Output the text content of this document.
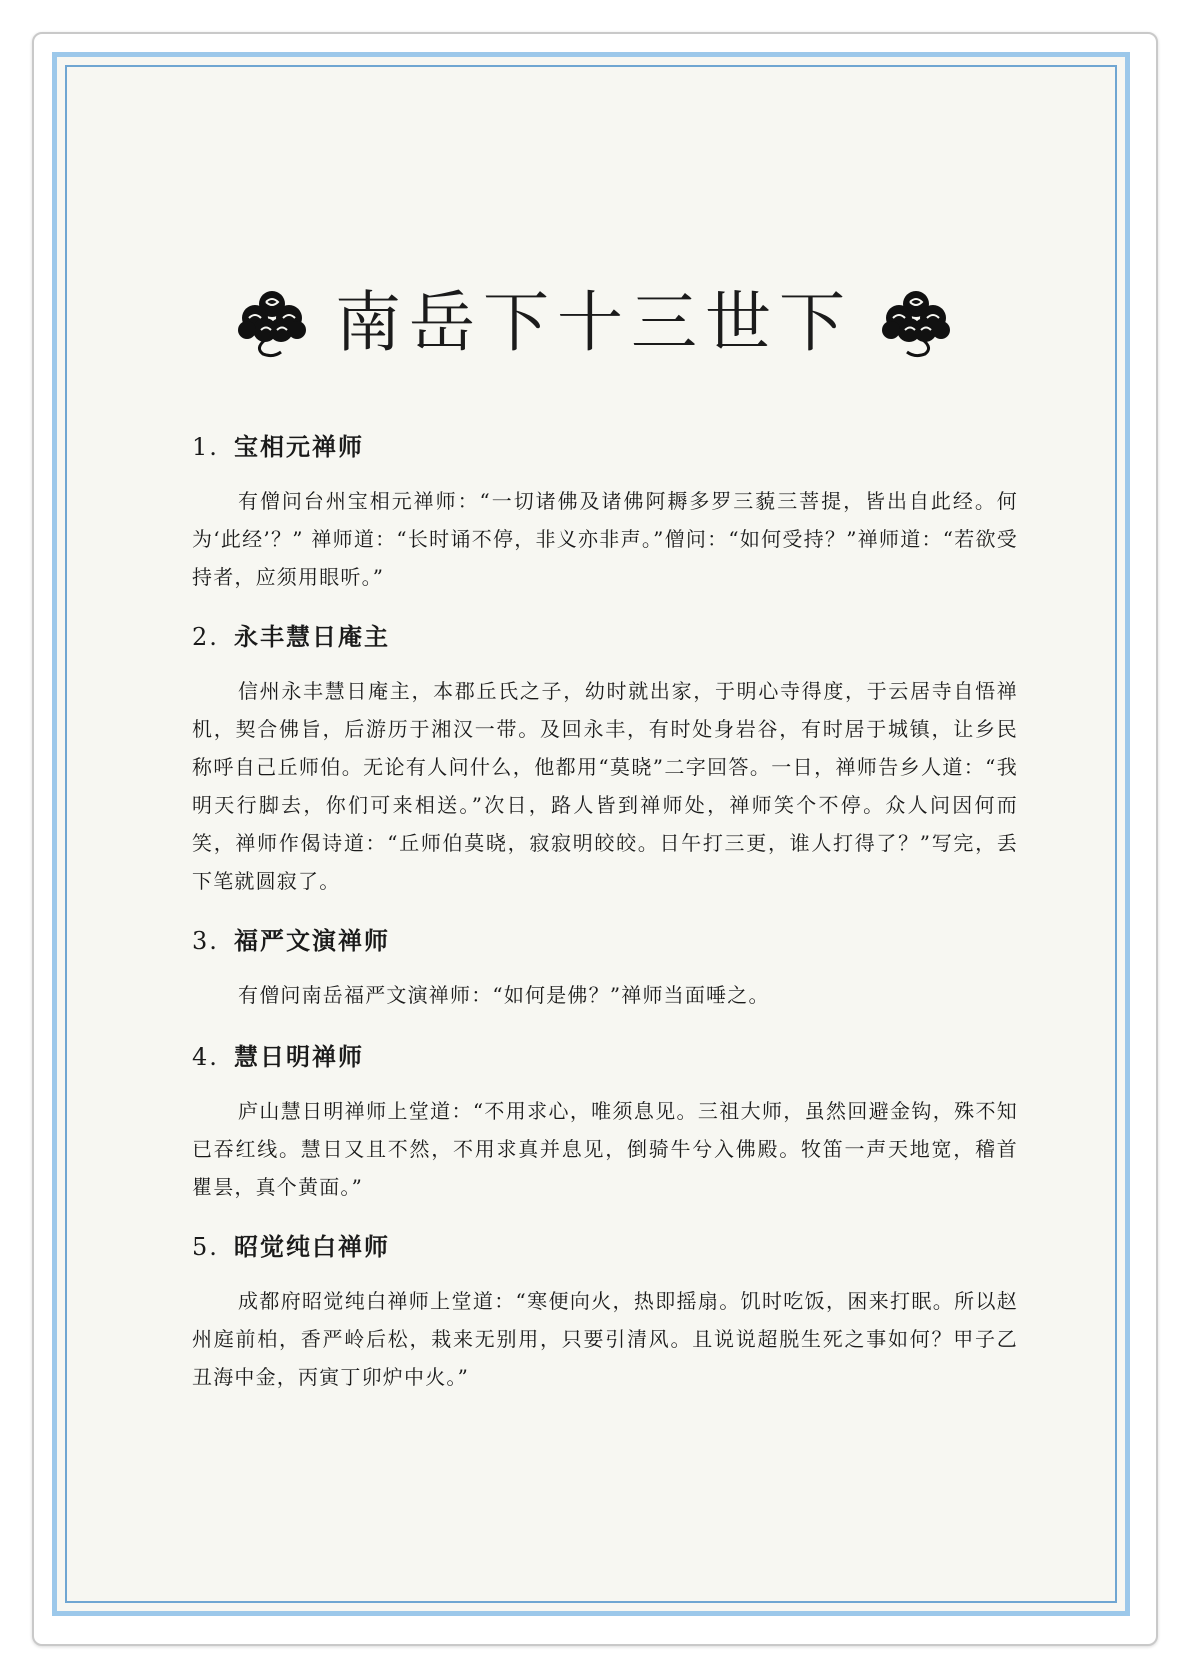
南岳下十三世下
1. 宝相元禅师

有僧问台州宝相元禅师：“一切诸佛及诸佛阿耨多罗三藐三菩提，皆出自此经。何为‘此经’？” 禅师道：“长时诵不停，非义亦非声。”僧问：“如何受持？”禅师道：“若欲受持者，应须用眼听。”

2. 永丰慧日庵主

信州永丰慧日庵主，本郡丘氏之子，幼时就出家，于明心寺得度，于云居寺自悟禅机，契合佛旨，后游历于湘汉一带。及回永丰，有时处身岩谷，有时居于城镇，让乡民称呼自己丘师伯。无论有人问什么，他都用“莫晓”二字回答。一日，禅师告乡人道：“我明天行脚去，你们可来相送。”次日，路人皆到禅师处，禅师笑个不停。众人问因何而笑，禅师作偈诗道：“丘师伯莫晓，寂寂明皎皎。日午打三更，谁人打得了？”写完，丢下笔就圆寂了。

3. 福严文演禅师

有僧问南岳福严文演禅师：“如何是佛？”禅师当面唾之。

4. 慧日明禅师

庐山慧日明禅师上堂道：“不用求心，唯须息见。三祖大师，虽然回避金钩，殊不知已吞红线。慧日又且不然，不用求真并息见，倒骑牛兮入佛殿。牧笛一声天地宽，稽首瞿昙，真个黄面。”

5. 昭觉纯白禅师

成都府昭觉纯白禅师上堂道：“寒便向火，热即摇扇。饥时吃饭，困来打眠。所以赵州庭前柏，香严岭后松，栽来无别用，只要引清风。且说说超脱生死之事如何？甲子乙丑海中金，丙寅丁卯炉中火。”
